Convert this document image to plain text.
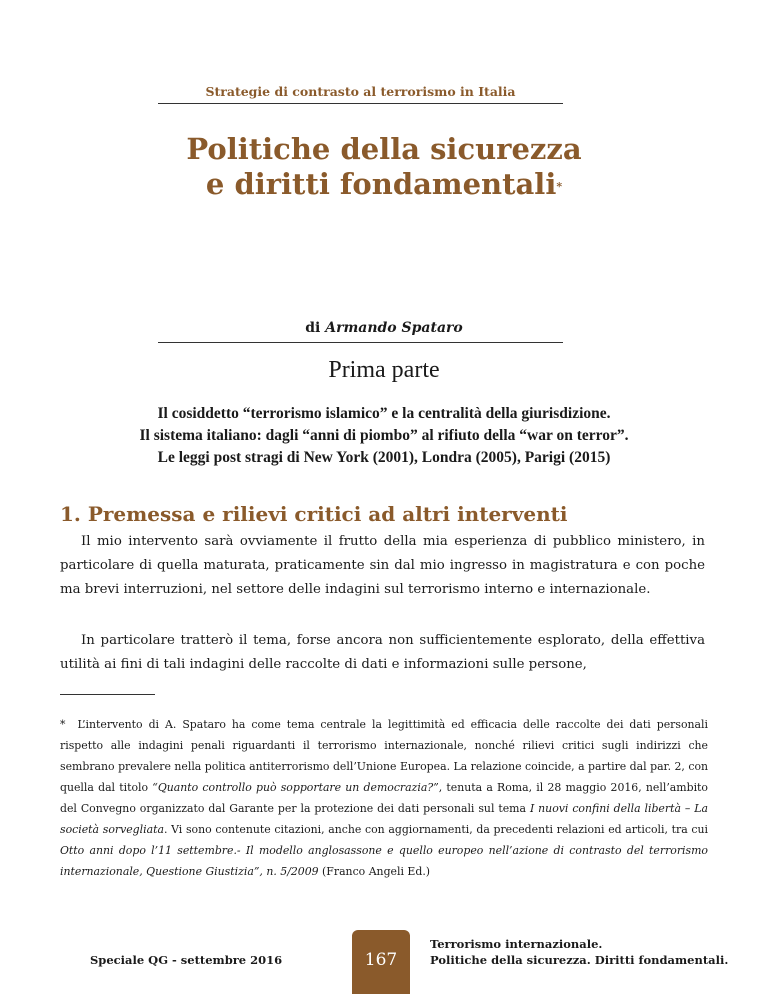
Strategie di contrasto al terrorismo in Italia
Politiche della sicurezza
e diritti fondamentali*
di Armando Spataro
Prima parte
Il cosiddetto “terrorismo islamico” e la centralità della giurisdizione.
Il sistema italiano: dagli “anni di piombo” al rifiuto della “war on terror”.
Le leggi post stragi di New York (2001), Londra (2005), Parigi (2015)
1. Premessa e rilievi critici ad altri interventi
Il mio intervento sarà ovviamente il frutto della mia esperienza di pubblico ministero, in particolare di quella maturata, praticamente sin dal mio ingresso in magistratura e con poche ma brevi interruzioni, nel settore delle indagini sul terrorismo interno e internazionale.
In particolare tratterò il tema, forse ancora non sufficientemente esplorato, della effettiva utilità ai fini di tali indagini delle raccolte di dati e informazioni sulle persone,
* L’intervento di A. Spataro ha come tema centrale la legittimità ed efficacia delle raccolte dei dati personali rispetto alle indagini penali riguardanti il terrorismo internazionale, nonché rilievi critici sugli indirizzi che sembrano prevalere nella politica antiterrorismo dell’Unione Europea. La relazione coincide, a partire dal par. 2, con quella dal titolo “Quanto controllo può sopportare un democrazia?”, tenuta a Roma, il 28 maggio 2016, nell’ambito del Convegno organizzato dal Garante per la protezione dei dati personali sul tema I nuovi confini della libertà – La società sorvegliata. Vi sono contenute citazioni, anche con aggiornamenti, da precedenti relazioni ed articoli, tra cui Otto anni dopo l’11 settembre.- Il modello anglosassone e quello europeo nell’azione di contrasto del terrorismo internazionale, Questione Giustizia”, n. 5/2009 (Franco Angeli Ed.)
Speciale QG - settembre 2016	167
Terrorismo internazionale.
Politiche della sicurezza. Diritti fondamentali.
